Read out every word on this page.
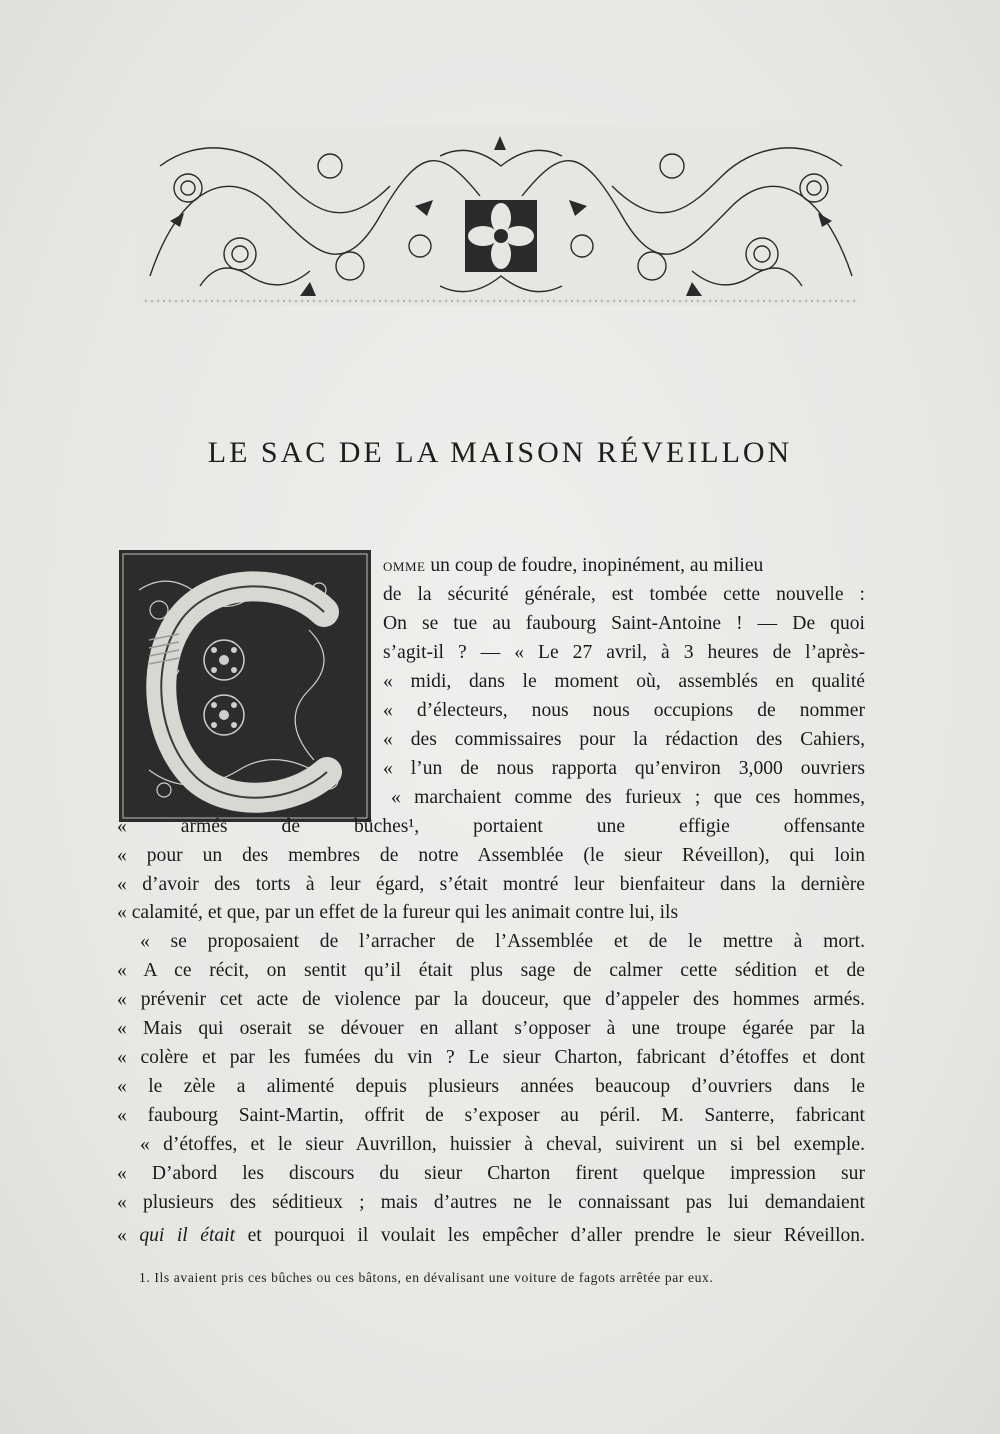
LE SAC DE LA MAISON RÉVEILLON
OMME un coup de foudre, inopinément, au milieu
de la sécurité générale, est tombée cette nouvelle :
On se tue au faubourg Saint-Antoine ! — De quoi
s’agit-il ? — « Le 27 avril, à 3 heures de l’après-
« midi, dans le moment où, assemblés en qualité
« d’électeurs, nous nous occupions de nommer
« des commissaires pour la rédaction des Cahiers,
« l’un de nous rapporta qu’environ 3,000 ouvriers
« marchaient comme des furieux ; que ces hommes,
« armés de bûches¹, portaient une effigie offensante
« pour un des membres de notre Assemblée (le sieur Réveillon), qui loin
« d’avoir des torts à leur égard, s’était montré leur bienfaiteur dans la dernière
« calamité, et que, par un effet de la fureur qui les animait contre lui, ils
« se proposaient de l’arracher de l’Assemblée et de le mettre à mort.
« A ce récit, on sentit qu’il était plus sage de calmer cette sédition et de
« prévenir cet acte de violence par la douceur, que d’appeler des hommes armés.
« Mais qui oserait se dévouer en allant s’opposer à une troupe égarée par la
« colère et par les fumées du vin ? Le sieur Charton, fabricant d’étoffes et dont
« le zèle a alimenté depuis plusieurs années beaucoup d’ouvriers dans le
« faubourg Saint-Martin, offrit de s’exposer au péril. M. Santerre, fabricant
« d’étoffes, et le sieur Auvrillon, huissier à cheval, suivirent un si bel exemple.
« D’abord les discours du sieur Charton firent quelque impression sur
« plusieurs des séditieux ; mais d’autres ne le connaissant pas lui demandaient
« qui il était et pourquoi il voulait les empêcher d’aller prendre le sieur Réveillon.
1. Ils avaient pris ces bûches ou ces bâtons, en dévalisant une voiture de fagots arrêtée par eux.
